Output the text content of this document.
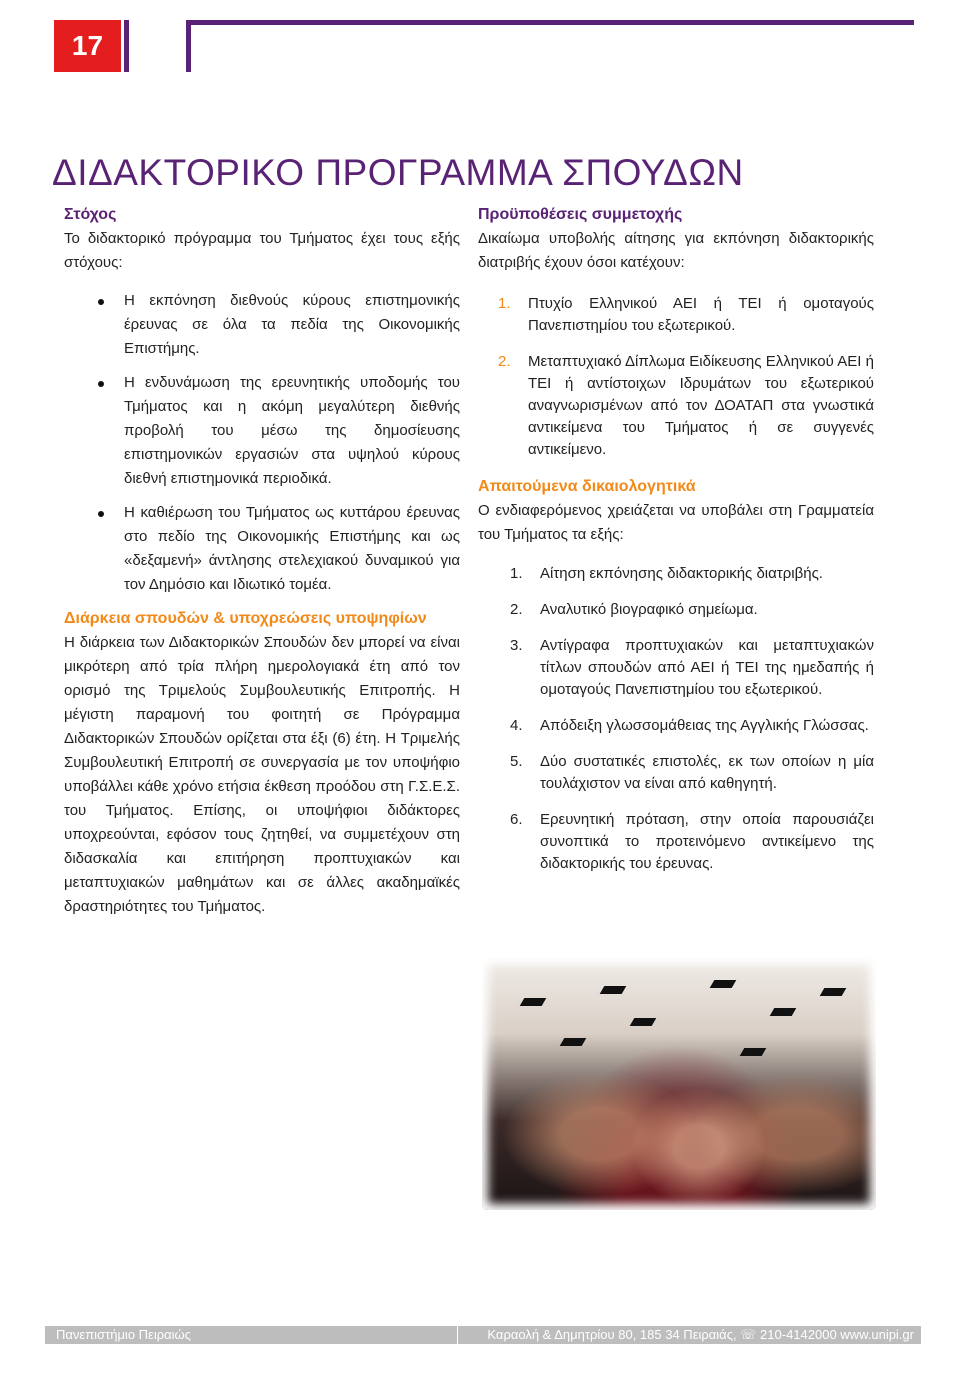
17
ΔΙΔΑΚΤΟΡΙΚΟ ΠΡΟΓΡΑΜΜΑ ΣΠΟΥΔΩΝ
Στόχος
Το διδακτορικό πρόγραμμα του Τμήματος έχει τους εξής στόχους:
Η εκπόνηση διεθνούς κύρους επιστημονικής έρευνας σε όλα τα πεδία της Οικονομικής Επιστήμης.
Η ενδυνάμωση της ερευνητικής υποδομής του Τμήματος και η ακόμη μεγαλύτερη διεθνής προβολή του μέσω της δημοσίευσης επιστημονικών εργασιών στα υψηλού κύρους διεθνή επιστημονικά περιοδικά.
Η καθιέρωση του Τμήματος ως κυττάρου έρευνας στο πεδίο της Οικονομικής Επιστήμης και ως «δεξαμενή» άντλησης στελεχιακού δυναμικού για τον Δημόσιο και Ιδιωτικό τομέα.
Διάρκεια σπουδών & υποχρεώσεις υποψηφίων
Η διάρκεια των Διδακτορικών Σπουδών δεν μπορεί να είναι μικρότερη από τρία πλήρη ημερολογιακά έτη από τον ορισμό της Τριμελούς Συμβουλευτικής Επιτροπής. Η μέγιστη παραμονή του φοιτητή σε Πρόγραμμα Διδακτορικών Σπουδών ορίζεται στα έξι (6) έτη. Η Τριμελής Συμβουλευτική Επιτροπή σε συνεργασία με τον υποψήφιο υποβάλλει κάθε χρόνο ετήσια έκθεση προόδου στη Γ.Σ.Ε.Σ. του Τμήματος. Επίσης, οι υποψήφιοι διδάκτορες υποχρεούνται, εφόσον τους ζητηθεί, να συμμετέχουν στη διδασκαλία και επιτήρηση προπτυχιακών και μεταπτυχιακών μαθημάτων και σε άλλες ακαδημαϊκές δραστηριότητες του Τμήματος.
Προϋποθέσεις συμμετοχής
Δικαίωμα υποβολής αίτησης για εκπόνηση διδακτορικής διατριβής έχουν όσοι κατέχουν:
1. Πτυχίο Ελληνικού ΑΕΙ ή ΤΕΙ ή ομοταγούς Πανεπιστημίου του εξωτερικού.
2. Μεταπτυχιακό Δίπλωμα Ειδίκευσης Ελληνικού ΑΕΙ ή ΤΕΙ ή αντίστοιχων Ιδρυμάτων του εξωτερικού αναγνωρισμένων από τον ΔΟΑΤΑΠ στα γνωστικά αντικείμενα του Τμήματος ή σε συγγενές αντικείμενο.
Απαιτούμενα δικαιολογητικά
Ο ενδιαφερόμενος χρειάζεται να υποβάλει στη Γραμματεία του Τμήματος τα εξής:
1. Αίτηση εκπόνησης διδακτορικής διατριβής.
2. Αναλυτικό βιογραφικό σημείωμα.
3. Αντίγραφα προπτυχιακών και μεταπτυχιακών τίτλων σπουδών από ΑΕΙ ή ΤΕΙ της ημεδαπής ή ομοταγούς Πανεπιστημίου του εξωτερικού.
4. Απόδειξη γλωσσομάθειας της Αγγλικής Γλώσσας.
5. Δύο συστατικές επιστολές, εκ των οποίων η μία τουλάχιστον να είναι από καθηγητή.
6. Ερευνητική πρόταση, στην οποία παρουσιάζει συνοπτικά το προτεινόμενο αντικείμενο της διδακτορικής του έρευνας.
Πανεπιστήμιο Πειραιώς	Καραολή & Δημητρίου 80, 185 34 Πειραιάς, ☏ 210-4142000 www.unipi.gr
